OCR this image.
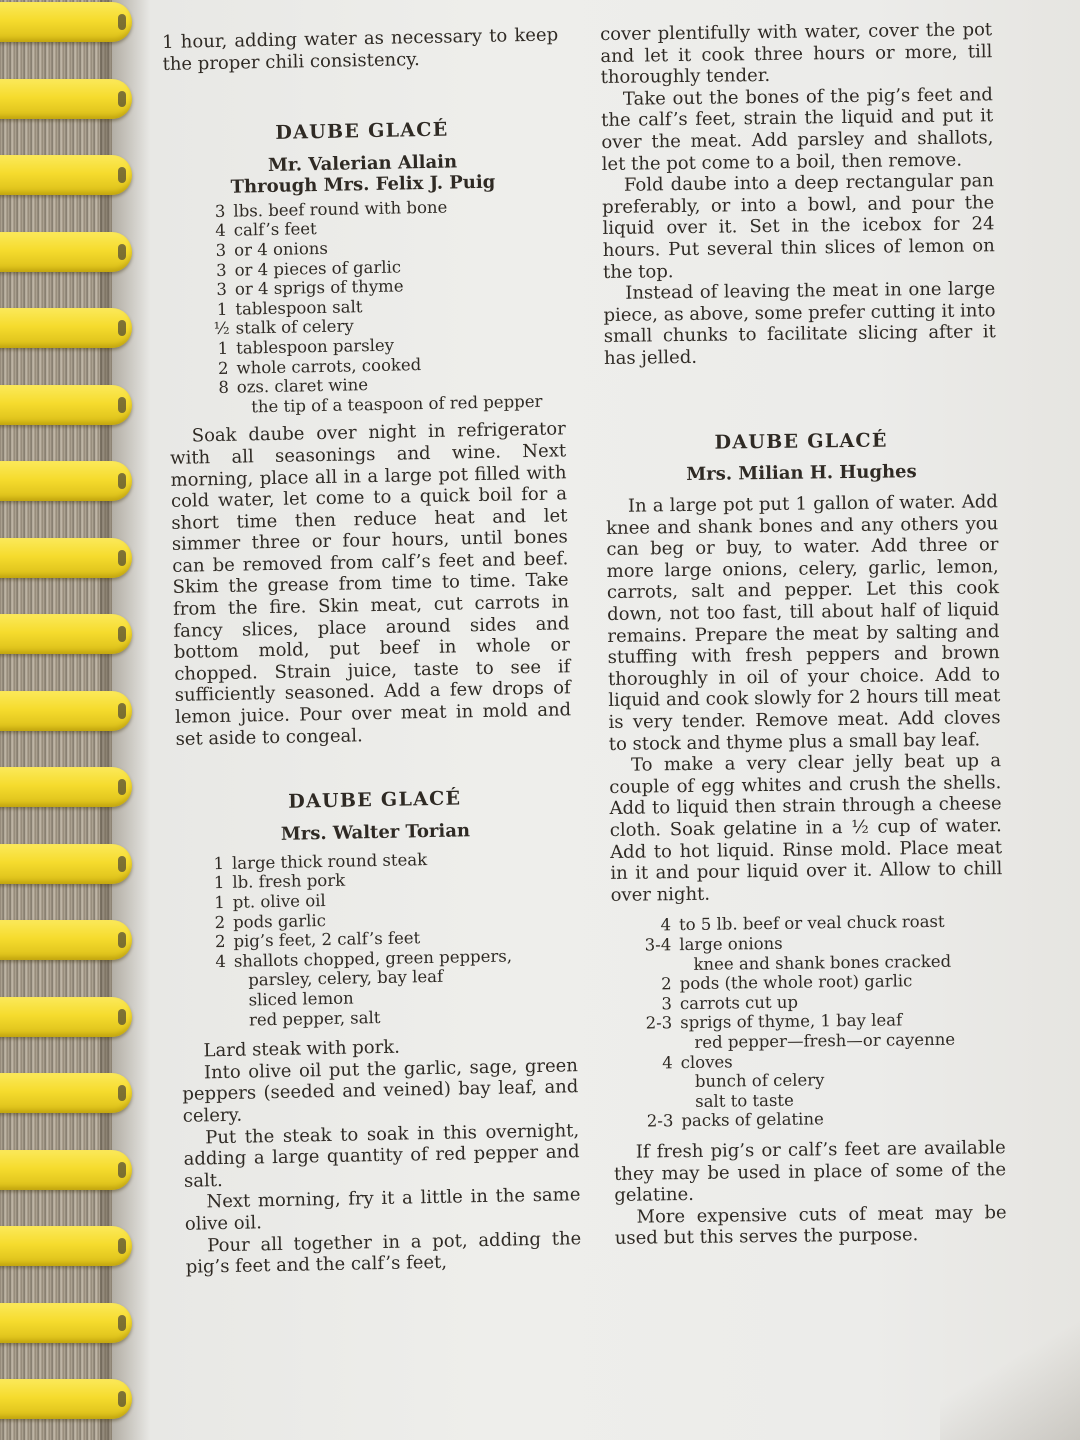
1 hour, adding water as necessary to keep the proper chili consistency.

DAUBE GLACÉ
Mr. Valerian Allain
Through Mrs. Felix J. Puig
3 lbs. beef round with bone
4 calf’s feet
3 or 4 onions
3 or 4 pieces of garlic
3 or 4 sprigs of thyme
1 tablespoon salt
½ stalk of celery
1 tablespoon parsley
2 whole carrots, cooked
8 ozs. claret wine
the tip of a teaspoon of red pepper

Soak daube over night in refrigerator with all seasonings and wine. Next morning, place all in a large pot filled with cold water, let come to a quick boil for a short time then reduce heat and let simmer three or four hours, until bones can be removed from calf’s feet and beef. Skim the grease from time to time. Take from the fire. Skin meat, cut carrots in fancy slices, place around sides and bottom mold, put beef in whole or chopped. Strain juice, taste to see if sufficiently seasoned. Add a few drops of lemon juice. Pour over meat in mold and set aside to congeal.

DAUBE GLACÉ
Mrs. Walter Torian
1 large thick round steak
1 lb. fresh pork
1 pt. olive oil
2 pods garlic
2 pig’s feet, 2 calf’s feet
4 shallots chopped, green peppers,
parsley, celery, bay leaf
sliced lemon
red pepper, salt

Lard steak with pork.

Into olive oil put the garlic, sage, green peppers (seeded and veined) bay leaf, and celery.

Put the steak to soak in this overnight, adding a large quantity of red pepper and salt.

Next morning, fry it a little in the same olive oil.

Pour all together in a pot, adding the pig’s feet and the calf’s feet,

cover plentifully with water, cover the pot and let it cook three hours or more, till thoroughly tender.

Take out the bones of the pig’s feet and the calf’s feet, strain the liquid and put it over the meat. Add parsley and shallots, let the pot come to a boil, then remove.

Fold daube into a deep rectangular pan preferably, or into a bowl, and pour the liquid over it. Set in the icebox for 24 hours. Put several thin slices of lemon on the top.

Instead of leaving the meat in one large piece, as above, some prefer cutting it into small chunks to facilitate slicing after it has jelled.

DAUBE GLACÉ
Mrs. Milian H. Hughes

In a large pot put 1 gallon of water. Add knee and shank bones and any others you can beg or buy, to water. Add three or more large onions, celery, garlic, lemon, carrots, salt and pepper. Let this cook down, not too fast, till about half of liquid remains. Prepare the meat by salting and stuffing with fresh peppers and brown thoroughly in oil of your choice. Add to liquid and cook slowly for 2 hours till meat is very tender. Remove meat. Add cloves to stock and thyme plus a small bay leaf.

To make a very clear jelly beat up a couple of egg whites and crush the shells. Add to liquid then strain through a cheese cloth. Soak gelatine in a ½ cup of water. Add to hot liquid. Rinse mold. Place meat in it and pour liquid over it. Allow to chill over night.

4 to 5 lb. beef or veal chuck roast
3-4 large onions
knee and shank bones cracked
2 pods (the whole root) garlic
3 carrots cut up
2-3 sprigs of thyme, 1 bay leaf
red pepper—fresh—or cayenne
4 cloves
bunch of celery
salt to taste
2-3 packs of gelatine

If fresh pig’s or calf’s feet are available they may be used in place of some of the gelatine.

More expensive cuts of meat may be used but this serves the purpose.
